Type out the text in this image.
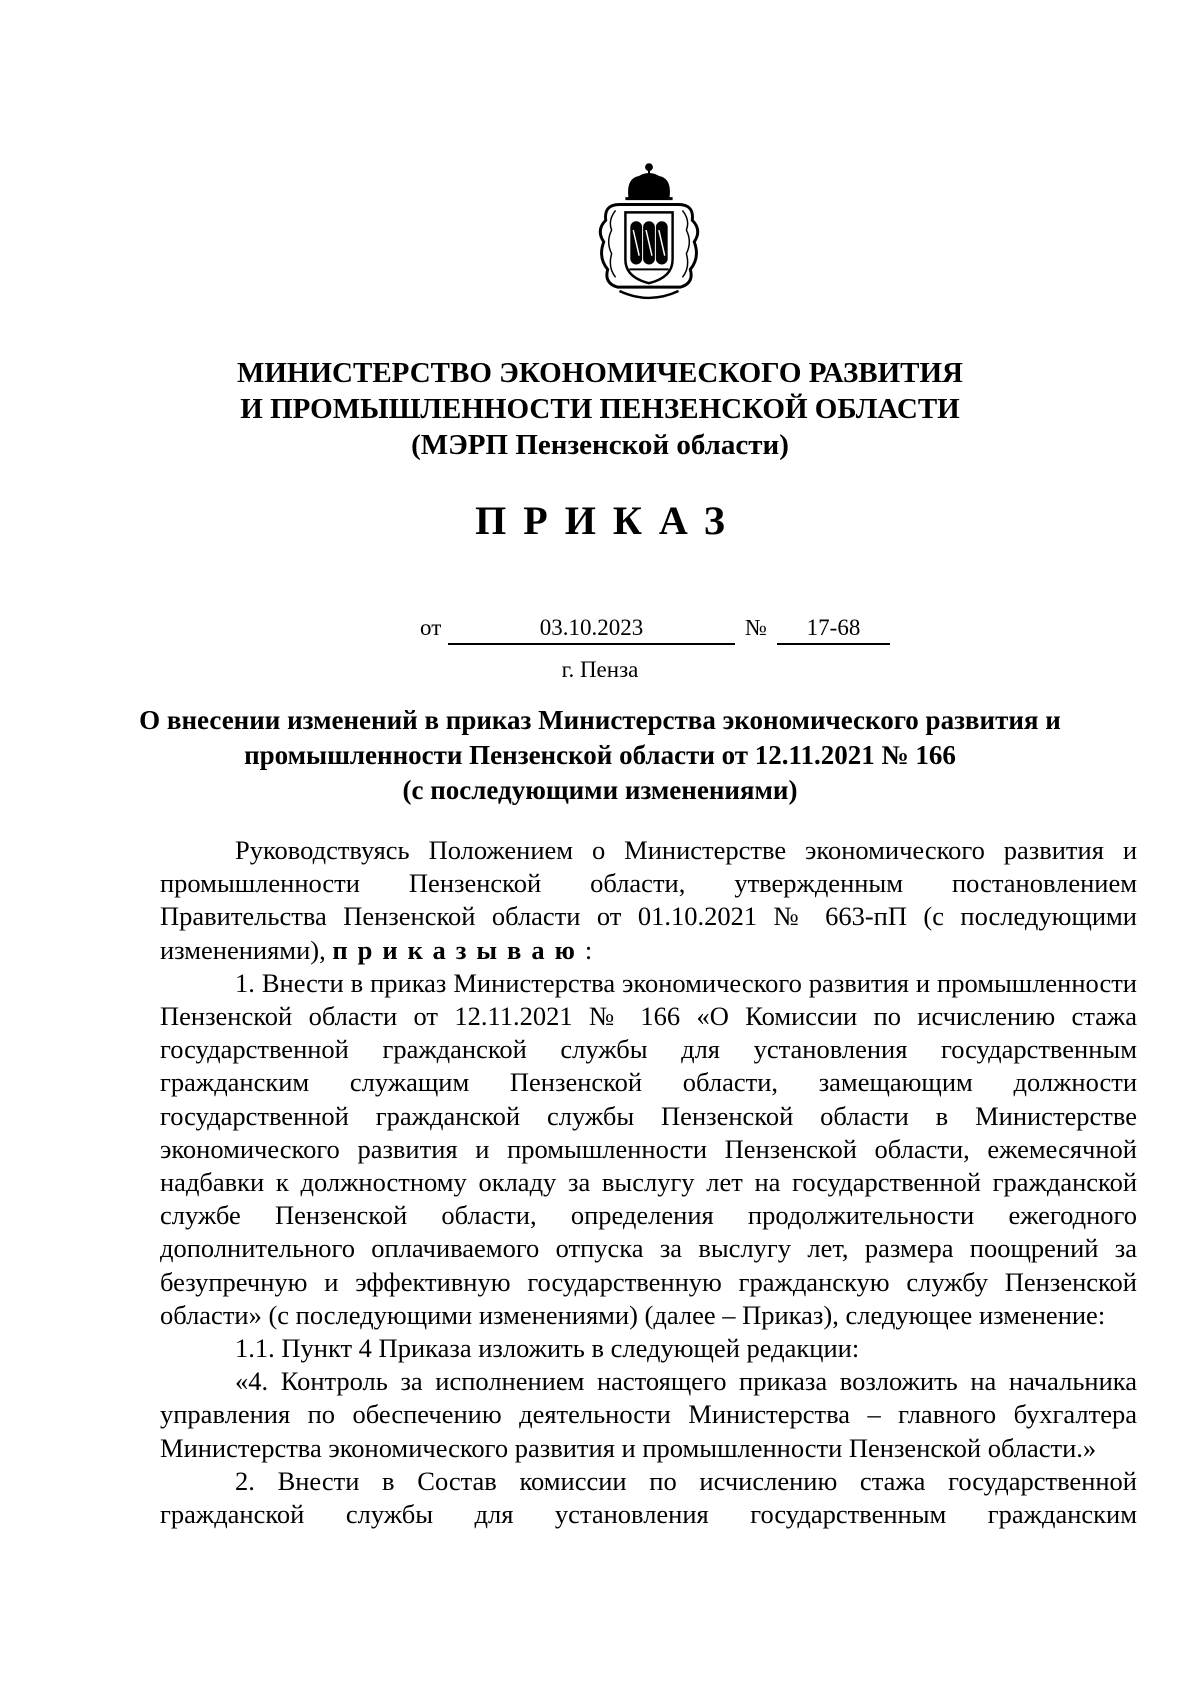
МИНИСТЕРСТВО ЭКОНОМИЧЕСКОГО РАЗВИТИЯ
И ПРОМЫШЛЕННОСТИ ПЕНЗЕНСКОЙ ОБЛАСТИ
(МЭРП Пензенской области)
ПРИКАЗ
от	03.10.2023	№	17-68
г. Пенза
О внесении изменений в приказ Министерства экономического развития и
промышленности Пензенской области от 12.11.2021 № 166
(с последующими изменениями)

Руководствуясь Положением о Министерстве экономического развития и промышленности Пензенской области, утвержденным постановлением Правительства Пензенской области от 01.10.2021 № 663-пП (с последующими изменениями), приказываю:

1. Внести в приказ Министерства экономического развития и промышленности Пензенской области от 12.11.2021 № 166 «О Комиссии по исчислению стажа государственной гражданской службы для установления государственным гражданским служащим Пензенской области, замещающим должности государственной гражданской службы Пензенской области в Министерстве экономического развития и промышленности Пензенской области, ежемесячной надбавки к должностному окладу за выслугу лет на государственной гражданской службе Пензенской области, определения продолжительности ежегодного дополнительного оплачиваемого отпуска за выслугу лет, размера поощрений за безупречную и эффективную государственную гражданскую службу Пензенской области» (с последующими изменениями) (далее – Приказ), следующее изменение:

1.1. Пункт 4 Приказа изложить в следующей редакции:

«4. Контроль за исполнением настоящего приказа возложить на начальника управления по обеспечению деятельности Министерства – главного бухгалтера Министерства экономического развития и промышленности Пензенской области.»

2. Внести в Состав комиссии по исчислению стажа государственной гражданской службы для установления государственным гражданским
